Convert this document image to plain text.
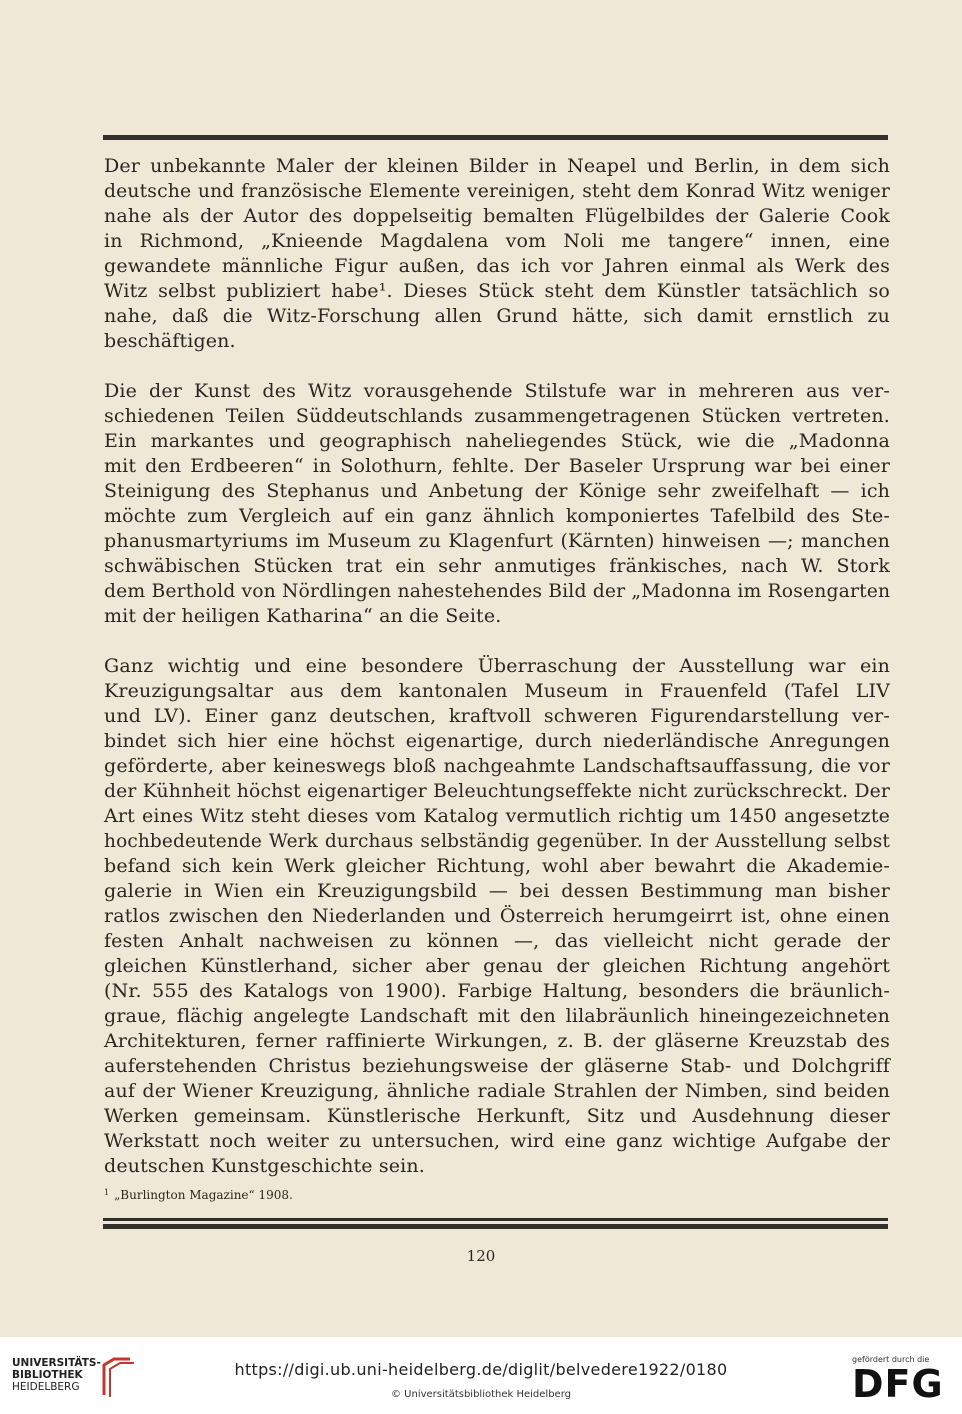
Der unbekannte Maler der kleinen Bilder in Neapel und Berlin, in dem sich
deutsche und französische Elemente vereinigen, steht dem Konrad Witz weniger
nahe als der Autor des doppelseitig bemalten Flügelbildes der Galerie Cook
in Richmond, „Knieende Magdalena vom Noli me tangere“ innen, eine
gewandete männliche Figur außen, das ich vor Jahren einmal als Werk des
Witz selbst publiziert habe¹. Dieses Stück steht dem Künstler tatsächlich so
nahe, daß die Witz-Forschung allen Grund hätte, sich damit ernstlich zu
beschäftigen.
Die der Kunst des Witz vorausgehende Stilstufe war in mehreren aus ver-
schiedenen Teilen Süddeutschlands zusammengetragenen Stücken vertreten.
Ein markantes und geographisch naheliegendes Stück, wie die „Madonna
mit den Erdbeeren“ in Solothurn, fehlte. Der Baseler Ursprung war bei einer
Steinigung des Stephanus und Anbetung der Könige sehr zweifelhaft — ich
möchte zum Vergleich auf ein ganz ähnlich komponiertes Tafelbild des Ste-
phanusmartyriums im Museum zu Klagenfurt (Kärnten) hinweisen —; manchen
schwäbischen Stücken trat ein sehr anmutiges fränkisches, nach W. Stork
dem Berthold von Nördlingen nahestehendes Bild der „Madonna im Rosengarten
mit der heiligen Katharina“ an die Seite.
Ganz wichtig und eine besondere Überraschung der Ausstellung war ein
Kreuzigungsaltar aus dem kantonalen Museum in Frauenfeld (Tafel LIV
und LV). Einer ganz deutschen, kraftvoll schweren Figurendarstellung ver-
bindet sich hier eine höchst eigenartige, durch niederländische Anregungen
geförderte, aber keineswegs bloß nachgeahmte Landschaftsauffassung, die vor
der Kühnheit höchst eigenartiger Beleuchtungseffekte nicht zurückschreckt. Der
Art eines Witz steht dieses vom Katalog vermutlich richtig um 1450 angesetzte
hochbedeutende Werk durchaus selbständig gegenüber. In der Ausstellung selbst
befand sich kein Werk gleicher Richtung, wohl aber bewahrt die Akademie-
galerie in Wien ein Kreuzigungsbild — bei dessen Bestimmung man bisher
ratlos zwischen den Niederlanden und Österreich herumgeirrt ist, ohne einen
festen Anhalt nachweisen zu können —, das vielleicht nicht gerade der
gleichen Künstlerhand, sicher aber genau der gleichen Richtung angehört
(Nr. 555 des Katalogs von 1900). Farbige Haltung, besonders die bräunlich-
graue, flächig angelegte Landschaft mit den lilabräunlich hineingezeichneten
Architekturen, ferner raffinierte Wirkungen, z. B. der gläserne Kreuzstab des
auferstehenden Christus beziehungsweise der gläserne Stab- und Dolchgriff
auf der Wiener Kreuzigung, ähnliche radiale Strahlen der Nimben, sind beiden
Werken gemeinsam. Künstlerische Herkunft, Sitz und Ausdehnung dieser
Werkstatt noch weiter zu untersuchen, wird eine ganz wichtige Aufgabe der
deutschen Kunstgeschichte sein.
$^1$ „Burlington Magazine“ 1908.
120
UNIVERSITÄTS-
BIBLIOTHEK
HEIDELBERG
https://digi.ub.uni-heidelberg.de/diglit/belvedere1922/0180
© Universitätsbibliothek Heidelberg
gefördert durch die
DFG
